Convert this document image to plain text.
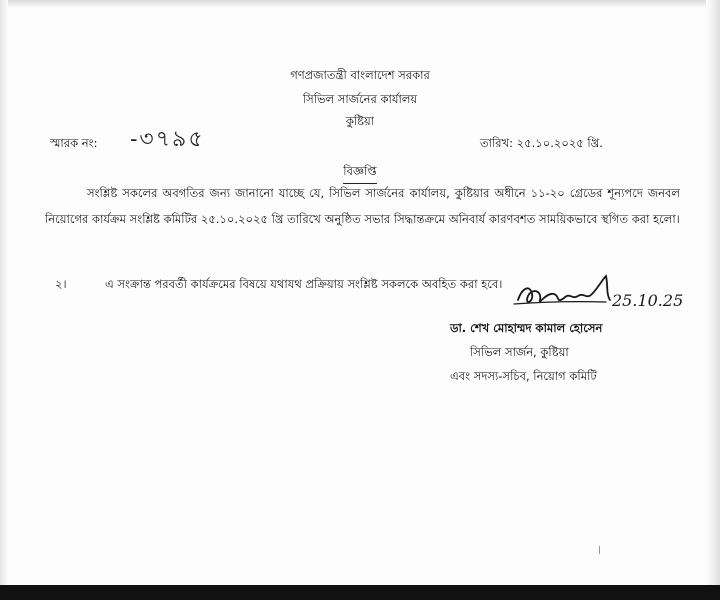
গণপ্রজাতন্ত্রী বাংলাদেশ সরকার
সিভিল সার্জনের কার্যালয়
কুষ্টিয়া
স্মারক নং: -৩৭৯৫	তারিখ: ২৫.১০.২০২৫ খ্রি.
বিজ্ঞপ্তি
সংশ্লিষ্ট সকলের অবগতির জন্য জানানো যাচ্ছে যে, সিভিল সার্জনের কার্যালয়, কুষ্টিয়ার অধীনে ১১-২০ গ্রেডের শূন্যপদে জনবল নিয়োগের কার্যক্রম সংশ্লিষ্ট কমিটির ২৫.১০.২০২৫ খ্রি তারিখে অনুষ্ঠিত সভার সিদ্ধান্তক্রমে অনিবার্য কারণবশত সাময়িকভাবে স্থগিত করা হলো।
২।	এ সংক্রান্ত পরবর্তী কার্যক্রমের বিষয়ে যথাযথ প্রক্রিয়ায় সংশ্লিষ্ট সকলকে অবহিত করা হবে।
25.10.25
ডা. শেখ মোহাম্মদ কামাল হোসেন
সিভিল সার্জন, কুষ্টিয়া
এবং সদস্য-সচিব, নিয়োগ কমিটি
